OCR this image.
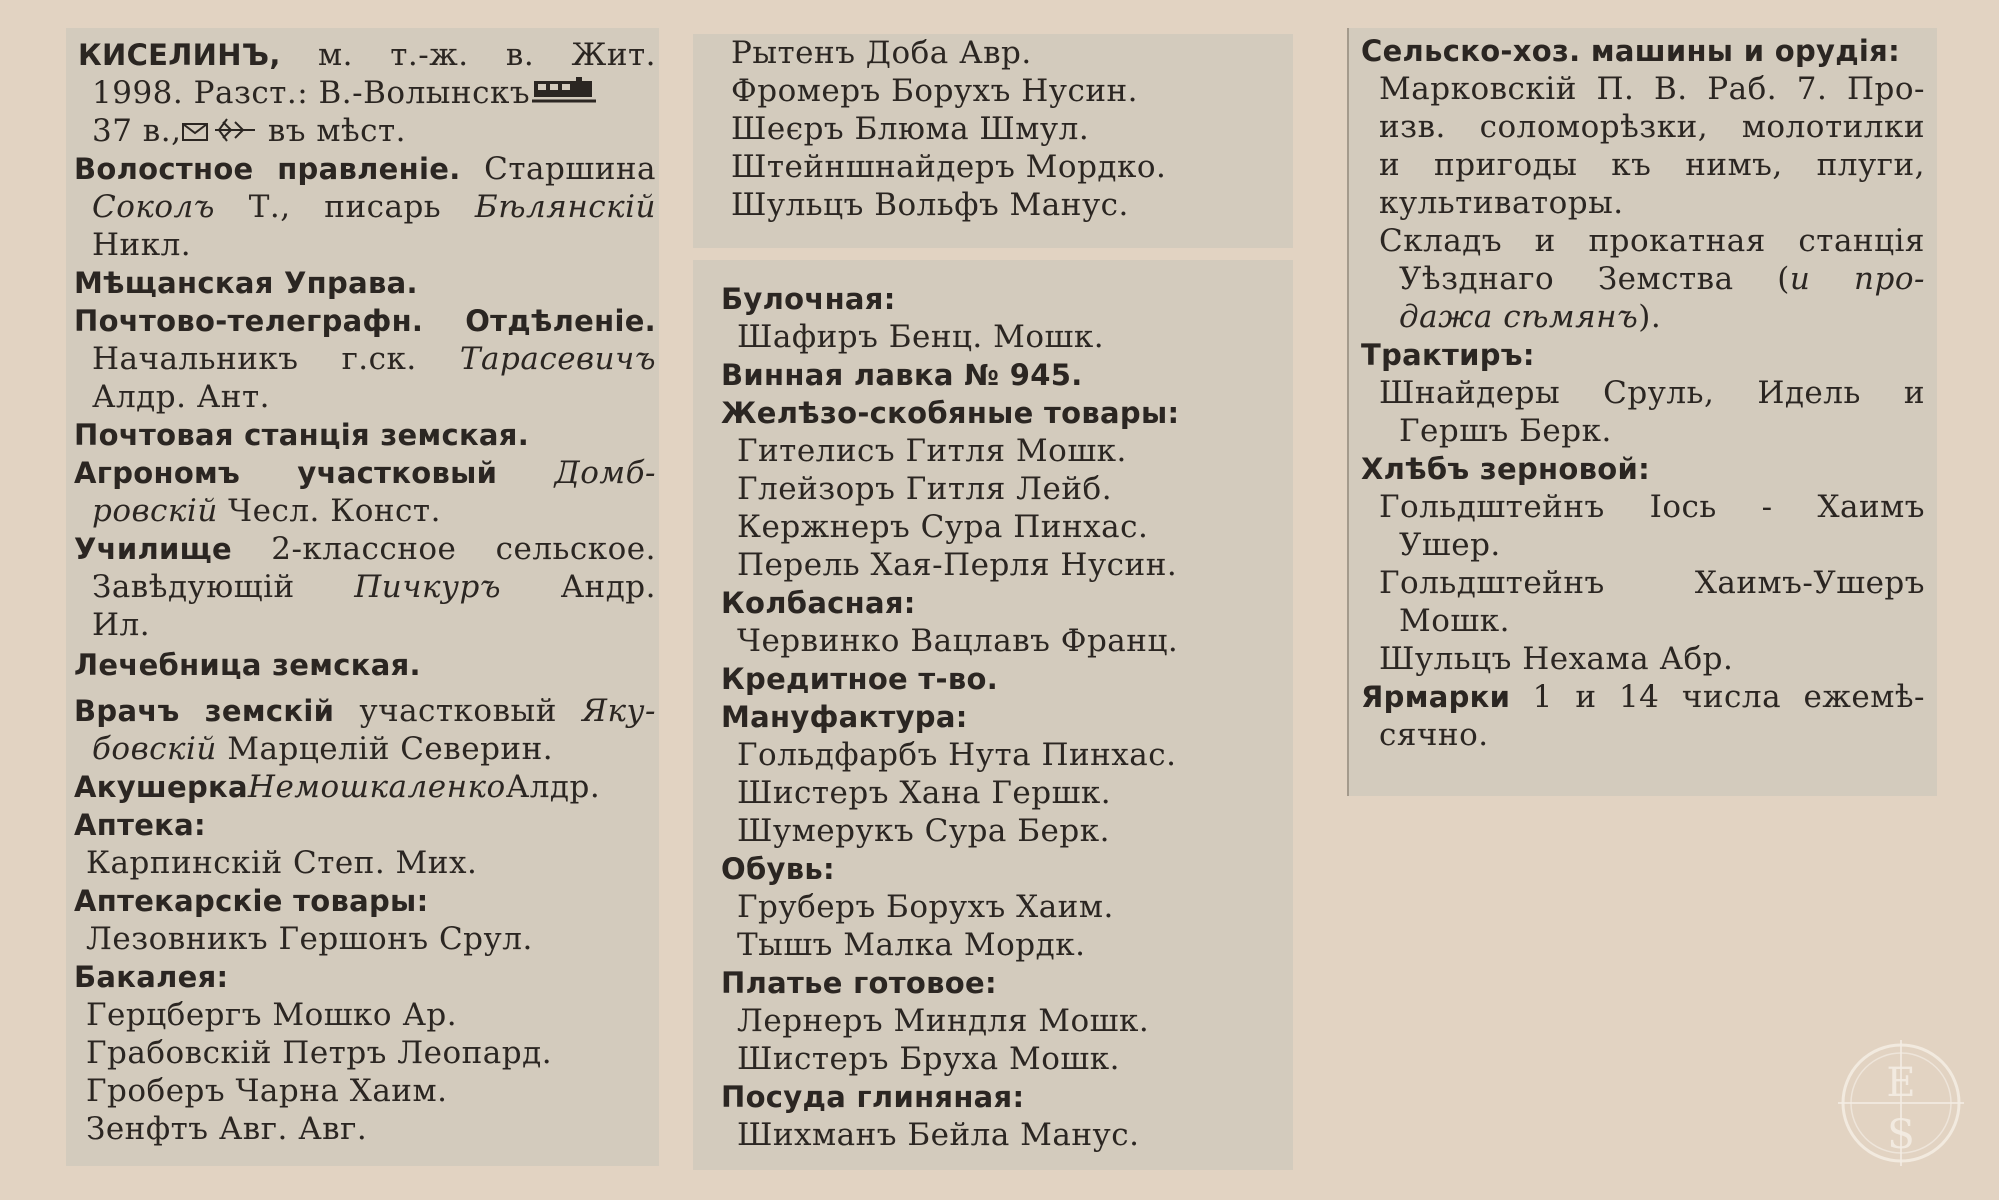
КИСЕЛИНЪ, м. т.-ж. в. Жит.
1998. Разст.: В.-Волынскъ
37 в., въ мѣст.
Волостное правленіе. Старшина
Соколъ Т., писарь Бѣлянскій
Никл.
Мѣщанская Управа.
Почтово-телеграфн. Отдѣленіе.
Начальникъ г.ск. Тарасевичъ
Алдр. Ант.
Почтовая станція земская.
Агрономъ участковый Домб-
ровскій Чесл. Конст.
Училище 2-классное сельское.
Завѣдующій Пичкуръ Андр.
Ил.
Лечебница земская.
Врачъ земскій участковый Яку-
бовскій Марцелій Северин.
АкушеркаНемошкаленкоАлдр.
Аптека:
Карпинскій Степ. Мих.
Аптекарскіе товары:
Лезовникъ Гершонъ Срул.
Бакалея:
Герцбергъ Мошко Ар.
Грабовскій Петръ Леопард.
Гроберъ Чарна Хаим.
Зенфтъ Авг. Авг.
Рытенъ Доба Авр.
Фромеръ Борухъ Нусин.
Шеєръ Блюма Шмул.
Штейншнайдеръ Мордко.
Шульцъ Вольфъ Манус.
Булочная:
Шафиръ Бенц. Мошк.
Винная лавка № 945.
Желѣзо-скобяные товары:
Гителисъ Гитля Мошк.
Глейзоръ Гитля Лейб.
Кержнеръ Сура Пинхас.
Перель Хая-Перля Нусин.
Колбасная:
Червинко Вацлавъ Франц.
Кредитное т-во.
Мануфактура:
Гольдфарбъ Нута Пинхас.
Шистеръ Хана Гершк.
Шумерукъ Сура Берк.
Обувь:
Груберъ Борухъ Хаим.
Тышъ Малка Мордк.
Платье готовое:
Лернеръ Миндля Мошк.
Шистеръ Бруха Мошк.
Посуда глиняная:
Шихманъ Бейла Манус.
Сельско-хоз. машины и орудія:
Марковскій П. В. Раб. 7. Про-
изв. соломорѣзки, молотилки
и пригоды къ нимъ, плуги,
культиваторы.
Складъ и прокатная станція
Уѣзднаго Земства (и про-
дажа сѣмянъ).
Трактиръ:
Шнайдеры Сруль, Идель и
Гершъ Берк.
Хлѣбъ зерновой:
Гольдштейнъ Іось - Хаимъ
Ушер.
Гольдштейнъ Хаимъ-Ушеръ
Мошк.
Шульцъ Нехама Абр.
Ярмарки 1 и 14 числа ежемѣ-
сячно.
E
S
